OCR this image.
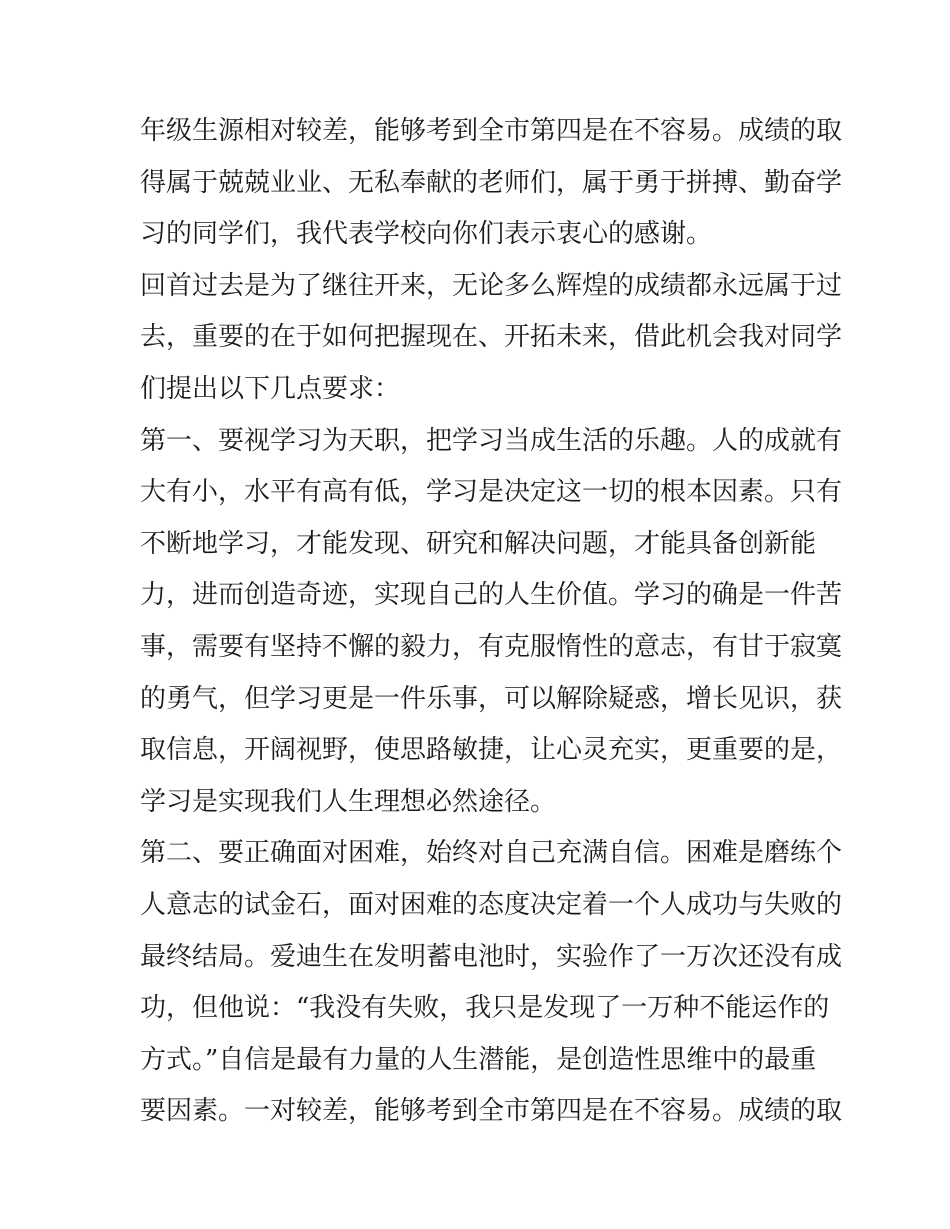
年级生源相对较差，能够考到全市第四是在不容易。成绩的取
得属于兢兢业业、无私奉献的老师们，属于勇于拼搏、勤奋学
习的同学们，我代表学校向你们表示衷心的感谢。
回首过去是为了继往开来，无论多么辉煌的成绩都永远属于过
去，重要的在于如何把握现在、开拓未来，借此机会我对同学
们提出以下几点要求：
第一、要视学习为天职，把学习当成生活的乐趣。人的成就有
大有小，水平有高有低，学习是决定这一切的根本因素。只有
不断地学习，才能发现、研究和解决问题，才能具备创新能
力，进而创造奇迹，实现自己的人生价值。学习的确是一件苦
事，需要有坚持不懈的毅力，有克服惰性的意志，有甘于寂寞
的勇气，但学习更是一件乐事，可以解除疑惑，增长见识，获
取信息，开阔视野，使思路敏捷，让心灵充实，更重要的是，
学习是实现我们人生理想必然途径。
第二、要正确面对困难，始终对自己充满自信。困难是磨练个
人意志的试金石，面对困难的态度决定着一个人成功与失败的
最终结局。爱迪生在发明蓄电池时，实验作了一万次还没有成
功，但他说：“我没有失败，我只是发现了一万种不能运作的
方式。”自信是最有力量的人生潜能，是创造性思维中的最重
要因素。一对较差，能够考到全市第四是在不容易。成绩的取
